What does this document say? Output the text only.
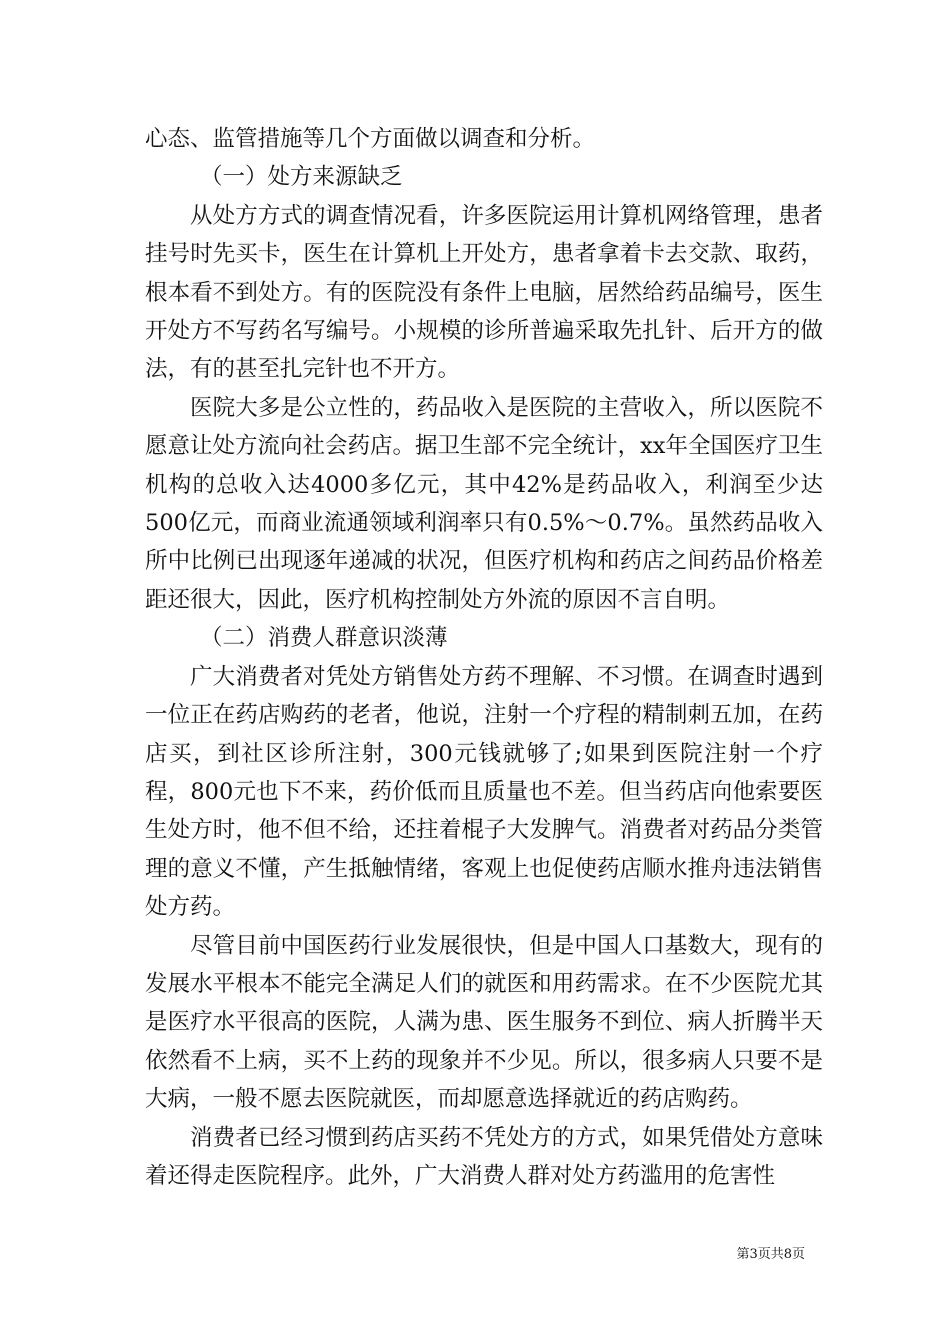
心态、监管措施等几个方面做以调查和分析。

（一）处方来源缺乏

从处方方式的调查情况看，许多医院运用计算机网络管理，患者挂号时先买卡，医生在计算机上开处方，患者拿着卡去交款、取药，根本看不到处方。有的医院没有条件上电脑，居然给药品编号，医生开处方不写药名写编号。小规模的诊所普遍采取先扎针、后开方的做法，有的甚至扎完针也不开方。

医院大多是公立性的，药品收入是医院的主营收入，所以医院不愿意让处方流向社会药店。据卫生部不完全统计，xx年全国医疗卫生机构的总收入达4000多亿元，其中42%是药品收入，利润至少达500亿元，而商业流通领域利润率只有0.5%～0.7%。虽然药品收入所中比例已出现逐年递减的状况，但医疗机构和药店之间药品价格差距还很大，因此，医疗机构控制处方外流的原因不言自明。

（二）消费人群意识淡薄

广大消费者对凭处方销售处方药不理解、不习惯。在调查时遇到一位正在药店购药的老者，他说，注射一个疗程的精制刺五加，在药店买，到社区诊所注射，300元钱就够了;如果到医院注射一个疗程，800元也下不来，药价低而且质量也不差。但当药店向他索要医生处方时，他不但不给，还拄着棍子大发脾气。消费者对药品分类管理的意义不懂，产生抵触情绪，客观上也促使药店顺水推舟违法销售处方药。

尽管目前中国医药行业发展很快，但是中国人口基数大，现有的发展水平根本不能完全满足人们的就医和用药需求。在不少医院尤其是医疗水平很高的医院，人满为患、医生服务不到位、病人折腾半天依然看不上病，买不上药的现象并不少见。所以，很多病人只要不是大病，一般不愿去医院就医，而却愿意选择就近的药店购药。

消费者已经习惯到药店买药不凭处方的方式，如果凭借处方意味着还得走医院程序。此外，广大消费人群对处方药滥用的危害性

第3页共8页
